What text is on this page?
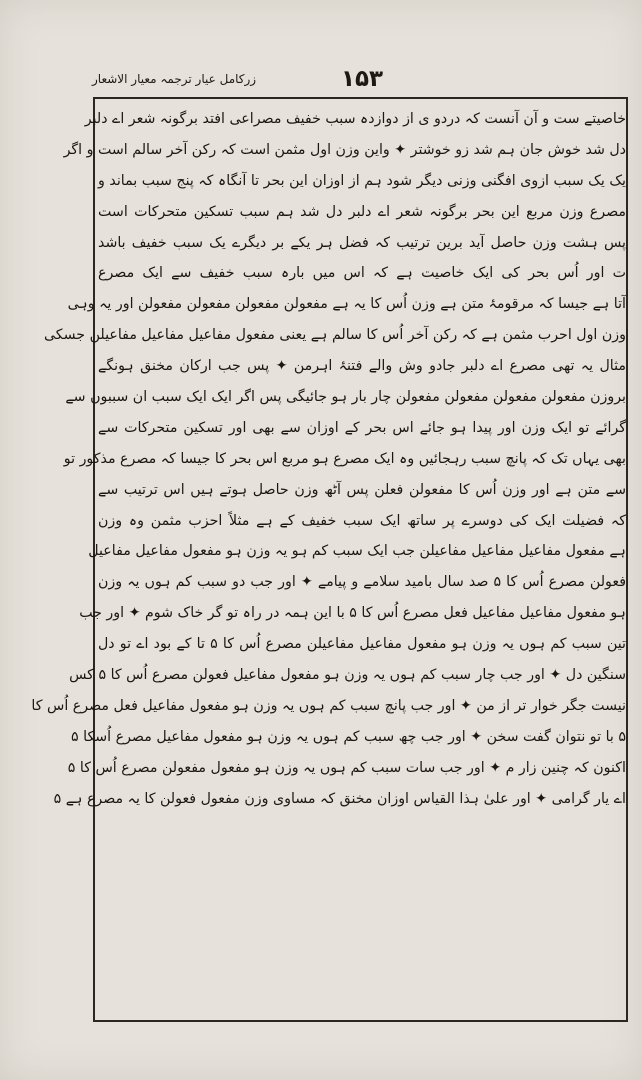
زرکامل عیار ترجمہ معیار الاشعار	۱۵۳
خاصیتے ست و آن آنست کہ دردو ی از دوازدہ سبب خفیف مصراعی افتد برگونہ شعر اے دلبر
دل شد خوش جان ہم شد زو خوشتر ✦ واین وزن اول مثمن است کہ رکن آخر سالم است و اگر
یک یک سبب ازوی افگنی وزنی دیگر شود ہم از اوزان این بحر تا آنگاہ کہ پنج سبب بماند و
مصرع وزن مربع این بحر برگونہ شعر اے دلبر دل شد ہم سبب تسکین متحرکات است
پس ہشت وزن حاصل آید برین ترتیب کہ فضل ہر یکے بر دیگرے یک سبب خفیف باشد
ت اور اُس بحر کی ایک خاصیت ہے کہ اس میں بارہ سبب خفیف سے ایک مصرع
آتا ہے جیسا کہ مرقومۂ متن ہے وزن اُس کا یہ ہے مفعولن مفعولن مفعولن مفعولن اور یہ وہی
وزن اول احرب مثمن ہے کہ رکن آخر اُس کا سالم ہے یعنی مفعول مفاعیل مفاعیل مفاعیلن جسکی
مثال یہ تھی مصرع اے دلبر جادو وش والے فتنۂ اہرمن ✦ پس جب ارکان مخنق ہونگے
بروزن مفعولن مفعولن مفعولن مفعولن چار بار ہو جائیگی پس اگر ایک ایک سبب ان سببوں سے
گرائے تو ایک وزن اور پیدا ہو جائے اس بحر کے اوزان سے بھی اور تسکین متحرکات سے
بھی یہاں تک کہ پانچ سبب رہجائیں وہ ایک مصرع ہو مربع اس بحر کا جیسا کہ مصرع مذکور تو
سے متن ہے اور وزن اُس کا مفعولن فعلن پس آٹھ وزن حاصل ہوتے ہیں اس ترتیب سے
کہ فضیلت ایک کی دوسرے پر ساتھ ایک سبب خفیف کے ہے مثلاً احزب مثمن وہ وزن
ہے مفعول مفاعیل مفاعیل مفاعیلن جب ایک سبب کم ہو یہ وزن ہو مفعول مفاعیل مفاعیل
فعولن مصرع اُس کا ۵ صد سال بامید سلامے و پیامے ✦ اور جب دو سبب کم ہوں یہ وزن
ہو مفعول مفاعیل مفاعیل فعل مصرع اُس کا ۵ با این ہمہ در راہ تو گر خاک شوم ✦ اور جب
تین سبب کم ہوں یہ وزن ہو مفعول مفاعیل مفاعیلن مصرع اُس کا ۵ تا کے بود اے تو دل
سنگین دل ✦ اور جب چار سبب کم ہوں یہ وزن ہو مفعول مفاعیل فعولن مصرع اُس کا ۵ کس
نیست جگر خوار تر از من ✦ اور جب پانچ سبب کم ہوں یہ وزن ہو مفعول مفاعیل فعل مصرع اُس کا
۵ با تو نتوان گفت سخن ✦ اور جب چھ سبب کم ہوں یہ وزن ہو مفعول مفاعیل مصرع اُسکا ۵
اکنون کہ چنین زار م ✦ اور جب سات سبب کم ہوں یہ وزن ہو مفعول مفعولن مصرع اُس کا ۵
اے یار گرامی ✦ اور علیٰ ہذا القیاس اوزان مخنق کہ مساوی وزن مفعول فعولن کا یہ مصرع ہے ۵
